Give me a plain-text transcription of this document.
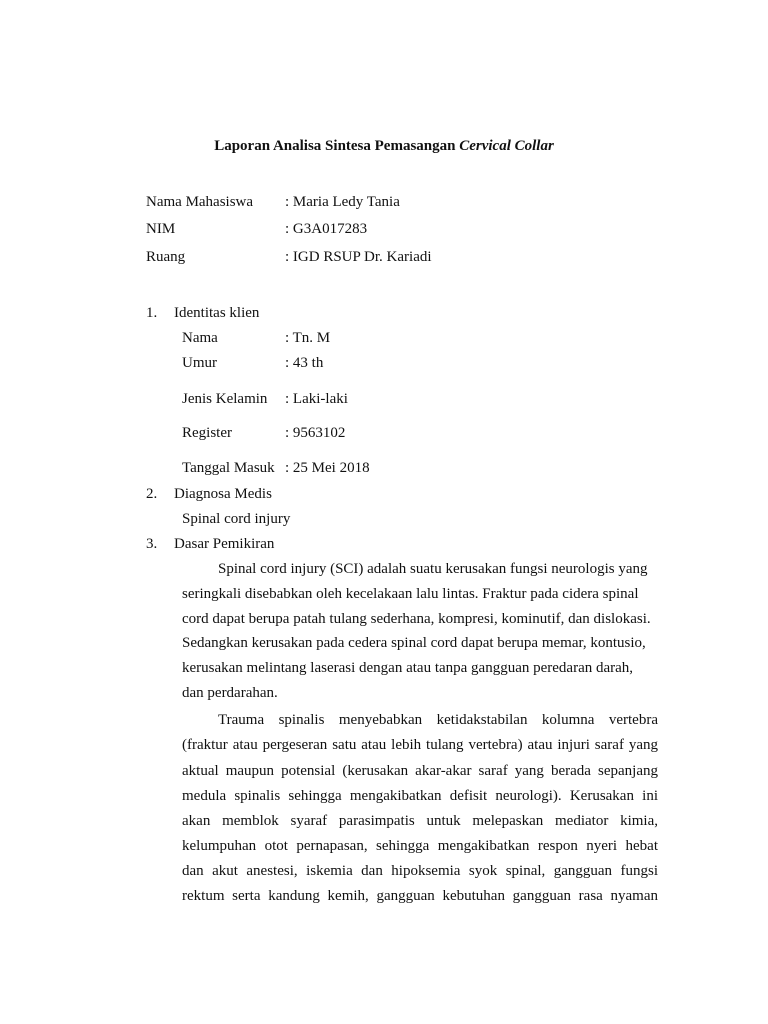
Laporan Analisa Sintesa Pemasangan Cervical Collar
Nama Mahasiswa : Maria Ledy Tania
NIM	: G3A017283
Ruang	: IGD RSUP Dr. Kariadi
1. Identitas klien
Nama	: Tn. M
Umur	: 43 th
Jenis Kelamin : Laki-laki
Register	: 9563102
Tanggal Masuk : 25 Mei 2018
2. Diagnosa Medis
Spinal cord injury
3. Dasar Pemikiran
Spinal cord injury (SCI) adalah suatu kerusakan fungsi neurologis yang
seringkali disebabkan oleh kecelakaan lalu lintas. Fraktur pada cidera spinal
cord dapat berupa patah tulang sederhana, kompresi, kominutif, dan dislokasi.
Sedangkan kerusakan pada cedera spinal cord dapat berupa memar, kontusio,
kerusakan melintang laserasi dengan atau tanpa gangguan peredaran darah,
dan perdarahan.
Trauma spinalis menyebabkan ketidakstabilan kolumna vertebra
(fraktur atau pergeseran satu atau lebih tulang vertebra) atau injuri saraf yang
aktual maupun potensial (kerusakan akar-akar saraf yang berada sepanjang
medula spinalis sehingga mengakibatkan defisit neurologi). Kerusakan ini
akan memblok syaraf parasimpatis untuk melepaskan mediator kimia,
kelumpuhan otot pernapasan, sehingga mengakibatkan respon nyeri hebat
dan akut anestesi, iskemia dan hipoksemia syok spinal, gangguan fungsi
rektum serta kandung kemih, gangguan kebutuhan gangguan rasa nyaman
